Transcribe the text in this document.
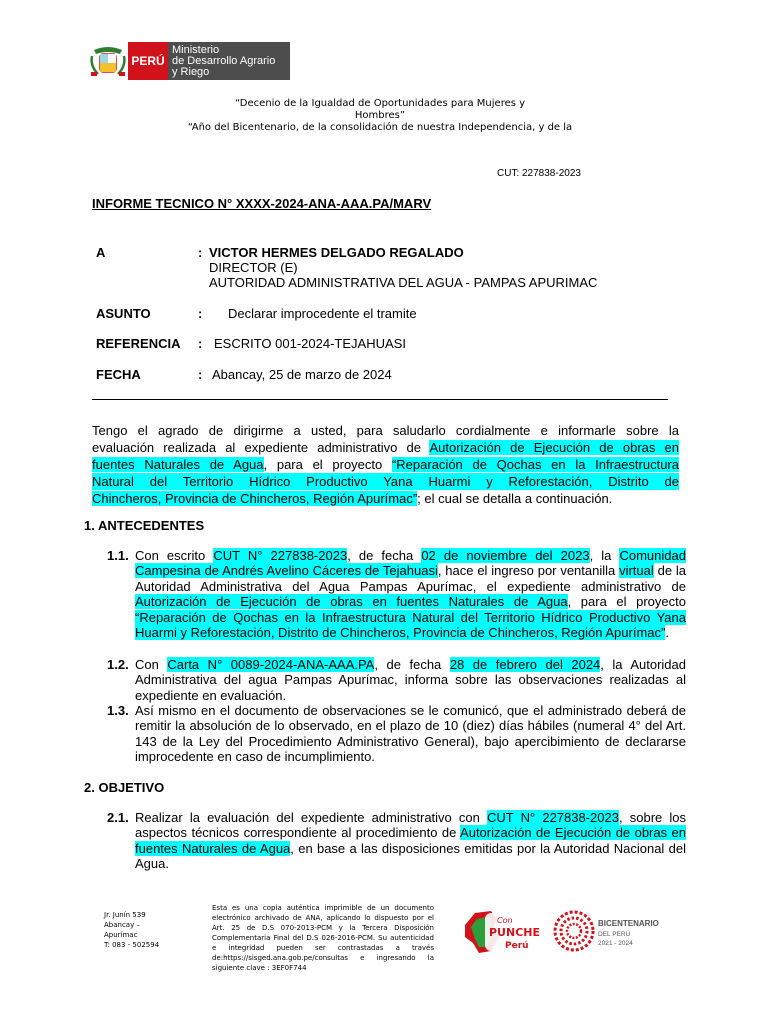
PERÚ
Ministerio
de Desarrollo Agrario
y Riego
“Decenio de la Igualdad de Oportunidades para Mujeres y
Hombres”
“Año del Bicentenario, de la consolidación de nuestra Independencia, y de la
CUT: 227838-2023
INFORME TECNICO N° XXXX-2024-ANA-AAA.PA/MARV
A	: VICTOR HERMES DELGADO REGALADO
DIRECTOR (E)
AUTORIDAD ADMINISTRATIVA DEL AGUA - PAMPAS APURIMAC
ASUNTO	: Declarar improcedente el tramite
REFERENCIA : ESCRITO 001-2024-TEJAHUASI
FECHA	: Abancay, 25 de marzo de 2024
Tengo el agrado de dirigirme a usted, para saludarlo cordialmente e informarle sobre la
evaluación realizada al expediente administrativo de Autorización de Ejecución de obras en
fuentes Naturales de Agua, para el proyecto “Reparación de Qochas en la Infraestructura
Natural del Territorio Hídrico Productivo Yana Huarmi y Reforestación, Distrito de
Chincheros, Provincia de Chincheros, Región Apurímac”; el cual se detalla a continuación.
1. ANTECEDENTES
1.1. Con escrito CUT N° 227838-2023, de fecha 02 de noviembre del 2023, la Comunidad Campesina de Andrés Avelino Cáceres de Tejahuasi, hace el ingreso por ventanilla virtual de la Autoridad Administrativa del Agua Pampas Apurímac, el expediente administrativo de Autorización de Ejecución de obras en fuentes Naturales de Agua, para el proyecto “Reparación de Qochas en la Infraestructura Natural del Territorio Hídrico Productivo Yana Huarmi y Reforestación, Distrito de Chincheros, Provincia de Chincheros, Región Apurímac”.
1.2. Con Carta N° 0089-2024-ANA-AAA.PA, de fecha 28 de febrero del 2024, la Autoridad Administrativa del agua Pampas Apurímac, informa sobre las observaciones realizadas al expediente en evaluación.
1.3. Así mismo en el documento de observaciones se le comunicó, que el administrado deberá de remitir la absolución de lo observado, en el plazo de 10 (diez) días hábiles (numeral 4° del Art. 143 de la Ley del Procedimiento Administrativo General), bajo apercibimiento de declararse improcedente en caso de incumplimiento.
2. OBJETIVO
2.1. Realizar la evaluación del expediente administrativo con CUT N° 227838-2023, sobre los aspectos técnicos correspondiente al procedimiento de Autorización de Ejecución de obras en fuentes Naturales de Agua, en base a las disposiciones emitidas por la Autoridad Nacional del Agua.
Jr. Junín 539
Abancay –
Apurímac
T: 083 - 502594
Esta es una copia auténtica imprimible de un documento electrónico archivado de ANA, aplicando lo dispuesto por el Art. 25 de D.S 070-2013-PCM y la Tercera Disposición Complementaria Final del D.S 026-2016-PCM. Su autenticidad e integridad pueden ser contrastadas a través de:https://sisged.ana.gob.pe/consultas e ingresando la siguiente clave : 3EF0F744
Con
PUNCHE
Perú
BICENTENARIO
DEL PERÚ
2021 - 2024
